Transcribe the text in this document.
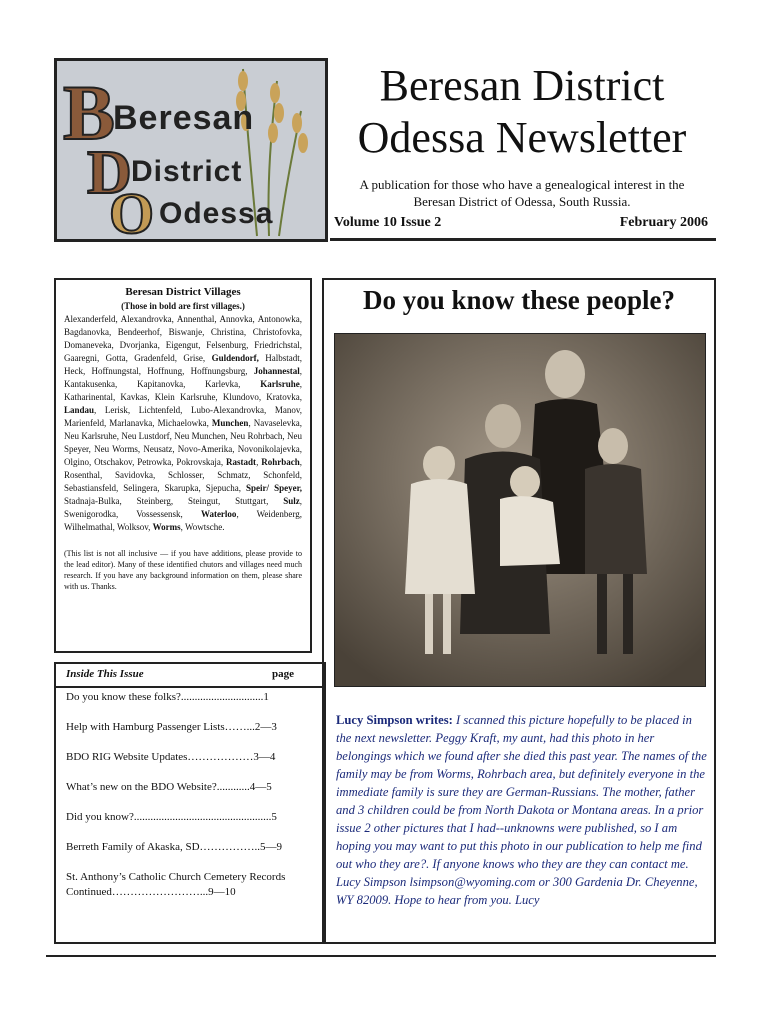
B
D
O
Beresan
District
Odessa
Beresan District
Odessa Newsletter
A publication for those who have a genealogical interest in the Beresan District of Odessa, South Russia.
Volume 10 Issue 2	February 2006
Beresan District Villages
(Those in bold are first villages.)
Alexanderfeld, Alexandrovka, Annenthal, Annovka, Antonowka, Bagdanovka, Bendeerhof, Biswanje, Christina, Christofovka, Domaneveka, Dvorjanka, Eigengut, Felsenburg, Friedrichstal, Gaaregni, Gotta, Gradenfeld, Grise, Guldendorf, Halbstadt, Heck, Hoffnungstal, Hoffnung, Hoffnungsburg, Johannestal, Kantakusenka, Kapitanovka, Karlevka, Karlsruhe, Katharinental, Kavkas, Klein Karlsruhe, Klundovo, Kratovka, Landau, Lerisk, Lichtenfeld, Lubo-Alexandrovka, Manov, Marienfeld, Marlanavka, Michaelowka, Munchen, Navaselevka, Neu Karlsruhe, Neu Lustdorf, Neu Munchen, Neu Rohrbach, Neu Speyer, Neu Worms, Neusatz, Novo-Amerika, Novonikolajevka, Olgino, Otschakov, Petrowka, Pokrovskaja, Rastadt, Rohrbach, Rosenthal, Savidovka, Schlosser, Schmatz, Schonfeld, Sebastiansfeld, Selingera, Skarupka, Sjepucha, Speir/ Speyer, Stadnaja-Bulka, Steinberg, Steingut, Stuttgart, Sulz, Swenigorodka, Vossessensk, Waterloo, Weidenberg, Wilhelmathal, Wolksov, Worms, Wowtsche.
(This list is not all inclusive — if you have additions, please provide to the lead editor). Many of these identified chutors and villages need much research. If you have any background information on them, please share with us. Thanks.
Inside This Issue	page
Do you know these folks?..............................1
Help with Hamburg Passenger Lists……...2—3
BDO RIG Website Updates………………3—4
What’s new on the BDO Website?............4—5
Did you know?..................................................5
Berreth Family of Akaska, SD……………..5—9
St. Anthony’s Catholic Church Cemetery Records Continued……………………...9—10
Do you know these people?
Lucy Simpson writes: I scanned this picture hopefully to be placed in the next newsletter. Peggy Kraft, my aunt, had this photo in her belongings which we found after she died this past year. The names of the family may be from Worms, Rohrbach area, but definitely everyone in the immediate family is sure they are German-Russians. The mother, father and 3 children could be from North Dakota or Montana areas. In a prior issue 2 other pictures that I had--unknowns were published, so I am hoping you may want to put this photo in our publication to help me find out who they are?. If anyone knows who they are they can contact me. Lucy Simpson lsimpson@wyoming.com or 300 Gardenia Dr. Cheyenne, WY 82009. Hope to hear from you. Lucy
